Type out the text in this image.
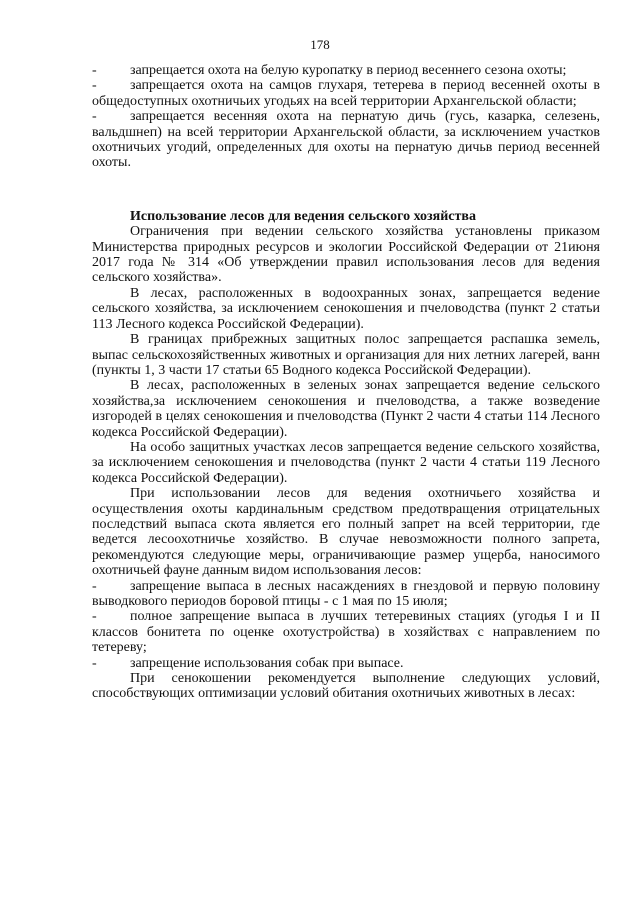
178

- запрещается охота на белую куропатку в период весеннего сезона охоты;

- запрещается охота на самцов глухаря, тетерева в период весенней охоты в общедоступных охотничьих угодьях на всей территории Архангельской области;

- запрещается весенняя охота на пернатую дичь (гусь, казарка, селезень, вальдшнеп) на всей территории Архангельской области, за исключением участков охотничьих угодий, определенных для охоты на пернатую дичьв период весенней охоты.

Использование лесов для ведения сельского хозяйства

Ограничения при ведении сельского хозяйства установлены приказом Министерства природных ресурсов и экологии Российской Федерации от 21июня 2017 года № 314 «Об утверждении правил использования лесов для ведения сельского хозяйства».

В лесах, расположенных в водоохранных зонах, запрещается ведение сельского хозяйства, за исключением сенокошения и пчеловодства (пункт 2 статьи 113 Лесного кодекса Российской Федерации).

В границах прибрежных защитных полос запрещается распашка земель, выпас сельскохозяйственных животных и организация для них летних лагерей, ванн (пункты 1, 3 части 17 статьи 65 Водного кодекса Российской Федерации).

В лесах, расположенных в зеленых зонах запрещается ведение сельского хозяйства,за исключением сенокошения и пчеловодства, а также возведение изгородей в целях сенокошения и пчеловодства (Пункт 2 части 4 статьи 114 Лесного кодекса Российской Федерации).

На особо защитных участках лесов запрещается ведение сельского хозяйства, за исключением сенокошения и пчеловодства (пункт 2 части 4 статьи 119 Лесного кодекса Российской Федерации).

При использовании лесов для ведения охотничьего хозяйства и осуществления охоты кардинальным средством предотвращения отрицательных последствий выпаса скота является его полный запрет на всей территории, где ведется лесоохотничье хозяйство. В случае невозможности полного запрета, рекомендуются следующие меры, ограничивающие размер ущерба, наносимого охотничьей фауне данным видом использования лесов:

- запрещение выпаса в лесных насаждениях в гнездовой и первую половину выводкового периодов боровой птицы - с 1 мая по 15 июля;

- полное запрещение выпаса в лучших тетеревиных стациях (угодья I и II классов бонитета по оценке охотустройства) в хозяйствах с направлением по тетереву;

- запрещение использования собак при выпасе.

При сенокошении рекомендуется выполнение следующих условий, способствующих оптимизации условий обитания охотничьих животных в лесах:
